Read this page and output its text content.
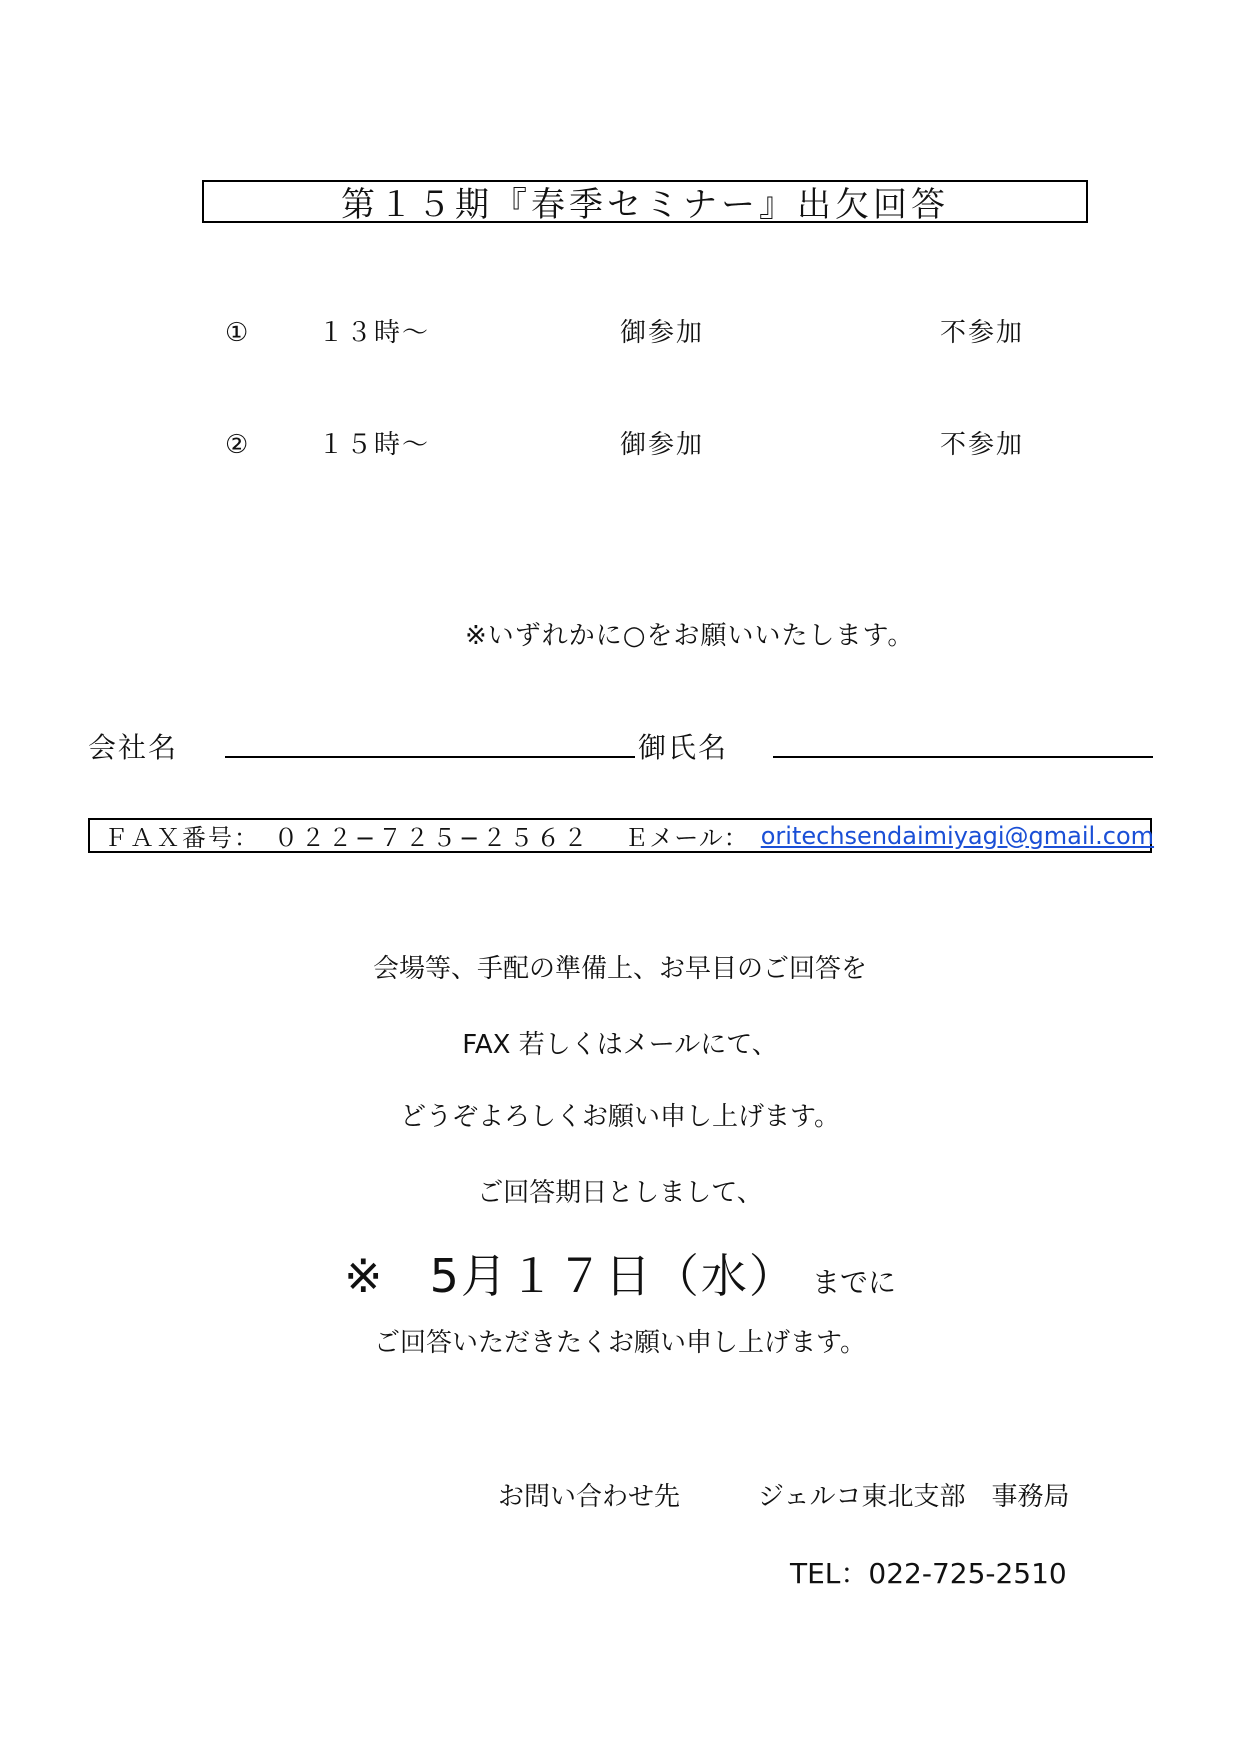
第１５期『春季セミナー』出欠回答
①	１３時～	御参加	不参加
②	１５時～	御参加	不参加
※いずれかに○をお願いいたします。
会社名	御氏名
ＦＡＸ番号： ０２２−７２５−２５６２ Ｅメール： oritechsendaimiyagi@gmail.com
会場等、手配の準備上、お早目のご回答を
FAX 若しくはメールにて、
どうぞよろしくお願い申し上げます。
ご回答期日としまして、
※ 5月１７日（水） までに
ご回答いただきたくお願い申し上げます。
お問い合わせ先	ジェルコ東北支部　事務局
TEL：022-725-2510
